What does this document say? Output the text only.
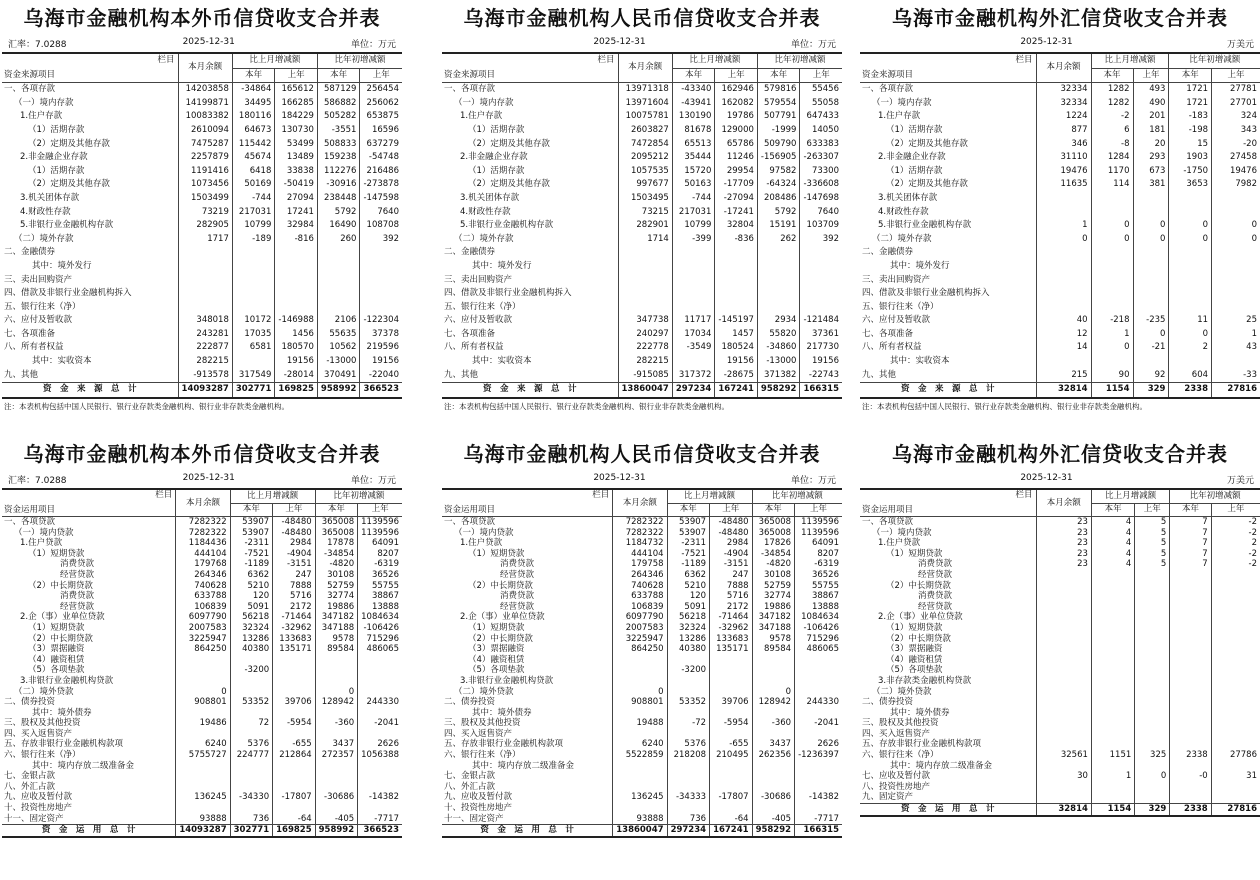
乌海市金融机构本外币信贷收支合并表
汇率：7.0288	2025-12-31	单位：万元
栏目
资金来源项目	本月余额	比上月增减额		比年初增减额	
		本年	上年	本年	上年
一、各项存款	14203858	-34864	165612	587129	256454
（一）境内存款	14199871	34495	166285	586882	256062
1.住户存款	10083382	180116	184229	505282	653875
（1）活期存款	2610094	64673	130730	-3551	16596
（2）定期及其他存款	7475287	115442	53499	508833	637279
2.非金融企业存款	2257879	45674	13489	159238	-54748
（1）活期存款	1191416	6418	33838	112276	216486
（2）定期及其他存款	1073456	50169	-50419	-30916	-273878
3.机关团体存款	1503499	-744	27094	238448	-147598
4.财政性存款	73219	217031	17241	5792	7640
5.非银行业金融机构存款	282905	10799	32984	16490	108708
（二）境外存款	1717	-189	-816	260	392
二、金融债券					
其中：境外发行					
三、卖出回购资产					
四、借款及非银行业金融机构拆入					
五、银行往来（净）					
六、应付及暂收款	348018	10172	-146988	2106	-122304
七、各项准备	243281	17035	1456	55635	37378
八、所有者权益	222877	6581	180570	10562	219596
其中：实收资本	282215		19156	-13000	19156
九、其他	-913578	317549	-28014	370491	-22040
资　金　来　源　总　计	14093287	302771	169825	958992	366523
注：本表机构包括中国人民银行、银行业存款类金融机构、银行业非存款类金融机构。
乌海市金融机构人民币信贷收支合并表
2025-12-31	单位：万元
栏目
资金来源项目	本月余额	比上月增减额		比年初增减额	
		本年	上年	本年	上年
一、各项存款	13971318	-43340	162946	579816	55456
（一）境内存款	13971604	-43941	162082	579554	55058
1.住户存款	10075781	130190	19786	507791	647433
（1）活期存款	2603827	81678	129000	-1999	14050
（2）定期及其他存款	7472854	65513	65786	509790	633383
2.非金融企业存款	2095212	35444	11246	-156905	-263307
（1）活期存款	1057535	15720	29954	97582	73300
（2）定期及其他存款	997677	50163	-17709	-64324	-336608
3.机关团体存款	1503495	-744	-27094	208486	-147698
4.财政性存款	73215	217031	-17241	5792	7640
5.非银行业金融机构存款	282901	10799	32804	15191	103709
（二）境外存款	1714	-399	-836	262	392
二、金融债券					
其中：境外发行					
三、卖出回购资产					
四、借款及非银行业金融机构拆入					
五、银行往来（净）					
六、应付及暂收款	347738	11717	-145197	2934	-121484
七、各项准备	240297	17034	1457	55820	37361
八、所有者权益	222778	-3549	180524	-34860	217730
其中：实收资本	282215		19156	-13000	19156
九、其他	-915085	317372	-28675	371382	-22743
资　金　来　源　总　计	13860047	297234	167241	958292	166315
注：本表机构包括中国人民银行、银行业存款类金融机构、银行业非存款类金融机构。
乌海市金融机构外汇信贷收支合并表
2025-12-31	万美元
栏目
资金来源项目	本月余额	比上月增减额		比年初增减额	
		本年	上年	本年	上年
一、各项存款	32334	1282	493	1721	27781
（一）境内存款	32334	1282	490	1721	27701
1.住户存款	1224	-2	201	-183	324
（1）活期存款	877	6	181	-198	343
（2）定期及其他存款	346	-8	20	15	-20
2.非金融企业存款	31110	1284	293	1903	27458
（1）活期存款	19476	1170	673	-1750	19476
（2）定期及其他存款	11635	114	381	3653	7982
3.机关团体存款					
4.财政性存款					
5.非银行业金融机构存款	1	0	0	0	0
（二）境外存款	0	0	0	0	0
二、金融债券					
其中：境外发行					
三、卖出回购资产					
四、借款及非银行业金融机构拆入					
五、银行往来（净）					
六、应付及暂收款	40	-218	-235	11	25
七、各项准备	12	1	0	0	1
八、所有者权益	14	0	-21	2	43
其中：实收资本					
九、其他	215	90	92	604	-33
资　金　来　源　总　计	32814	1154	329	2338	27816
注：本表机构包括中国人民银行、银行业存款类金融机构、银行业非存款类金融机构。
乌海市金融机构本外币信贷收支合并表
汇率：7.0288	2025-12-31	单位：万元
栏目
资金运用项目	本月余额	比上月增减额		比年初增减额	
		本年	上年	本年	上年
一、各项贷款	7282322	53907	-48480	365008	1139596
（一）境内贷款	7282322	53907	-48480	365008	1139596
1.住户贷款	1184436	-2311	2984	17878	64091
（1）短期贷款	444104	-7521	-4904	-34854	8207
消费贷款	179768	-1189	-3151	-4820	-6319
经营贷款	264346	6362	247	30108	36526
（2）中长期贷款	740628	5210	7888	52759	55755
消费贷款	633788	120	5716	32774	38867
经营贷款	106839	5091	2172	19886	13888
2.企（事）业单位贷款	6097790	56218	-71464	347182	1084634
（1）短期贷款	2007583	32324	-32962	347188	-106426
（2）中长期贷款	3225947	13286	133683	9578	715296
（3）票据融资	864250	40380	135171	89584	486065
（4）融资租赁					
（5）各项垫款		-3200			
3.非银行业金融机构贷款					
（二）境外贷款	0			0	
二、债券投资	908801	53352	39706	128942	244330
其中：境外债券					
三、股权及其他投资	19486	72	-5954	-360	-2041
四、买入返售资产					
五、存放非银行业金融机构款项	6240	5376	-655	3437	2626
六、银行往来（净）	5755727	224777	212864	272357	1056388
其中：境内存放二级准备金					
七、金银占款					
八、外汇占款					
九、应收及暂付款	136245	-34330	-17807	-30686	-14382
十、投资性房地产					
十一、固定资产	93888	736	-64	-405	-7717
资　金　运　用　总　计	14093287	302771	169825	958992	366523
乌海市金融机构人民币信贷收支合并表
2025-12-31	单位：万元
栏目
资金运用项目	本月余额	比上月增减额		比年初增减额	
		本年	上年	本年	上年
一、各项贷款	7282322	53907	-48480	365008	1139596
（一）境内贷款	7282322	53907	-48480	365008	1139596
1.住户贷款	1184732	-2311	2984	17826	64091
（1）短期贷款	444104	-7521	-4904	-34854	8207
消费贷款	179758	-1189	-3151	-4820	-6319
经营贷款	264346	6362	247	30108	36526
（2）中长期贷款	740628	5210	7888	52759	55755
消费贷款	633788	120	5716	32774	38867
经营贷款	106839	5091	2172	19886	13888
2.企（事）业单位贷款	6097790	56218	-71464	347182	1084634
（1）短期贷款	2007583	32324	-32962	347188	-106426
（2）中长期贷款	3225947	13286	133683	9578	715296
（3）票据融资	864250	40380	135171	89584	486065
（4）融资租赁					
（5）各项垫款		-3200			
3.非银行业金融机构贷款					
（二）境外贷款	0			0	
二、债券投资	908801	53352	39706	128942	244330
其中：境外债券					
三、股权及其他投资	19488	-72	-5954	-360	-2041
四、买入返售资产					
五、存放非银行业金融机构款项	6240	5376	-655	3437	2626
六、银行往来（净）	5522859	218208	210495	262356	-1236397
其中：境内存放二级准备金					
七、金银占款					
八、外汇占款					
九、应收及暂付款	136245	-34333	-17807	-30686	-14382
十、投资性房地产					
十一、固定资产	93888	736	-64	-405	-7717
资　金　运　用　总　计	13860047	297234	167241	958292	166315
乌海市金融机构外汇信贷收支合并表
2025-12-31	万美元
栏目
资金运用项目	本月余额	比上月增减额		比年初增减额	
		本年	上年	本年	上年
一、各项贷款	23	4	5	7	-2
（一）境内贷款	23	4	5	7	-2
1.住户贷款	23	4	5	7	2
（1）短期贷款	23	4	5	7	-2
消费贷款	23	4	5	7	-2
经营贷款					
（2）中长期贷款					
消费贷款					
经营贷款					
2.企（事）业单位贷款					
（1）短期贷款					
（2）中长期贷款					
（3）票据融资					
（4）融资租赁					
（5）各项垫款					
3.非存款类金融机构贷款					
（二）境外贷款					
二、债券投资					
其中：境外债券					
三、股权及其他投资					
四、买入返售资产					
五、存放非银行业金融机构款项					
六、银行往来（净）	32561	1151	325	2338	27786
其中：境内存放二级准备金					
七、应收及暂付款	30	1	0	-0	31
八、投资性房地产					
九、固定资产					
资　金　运　用　总　计	32814	1154	329	2338	27816
